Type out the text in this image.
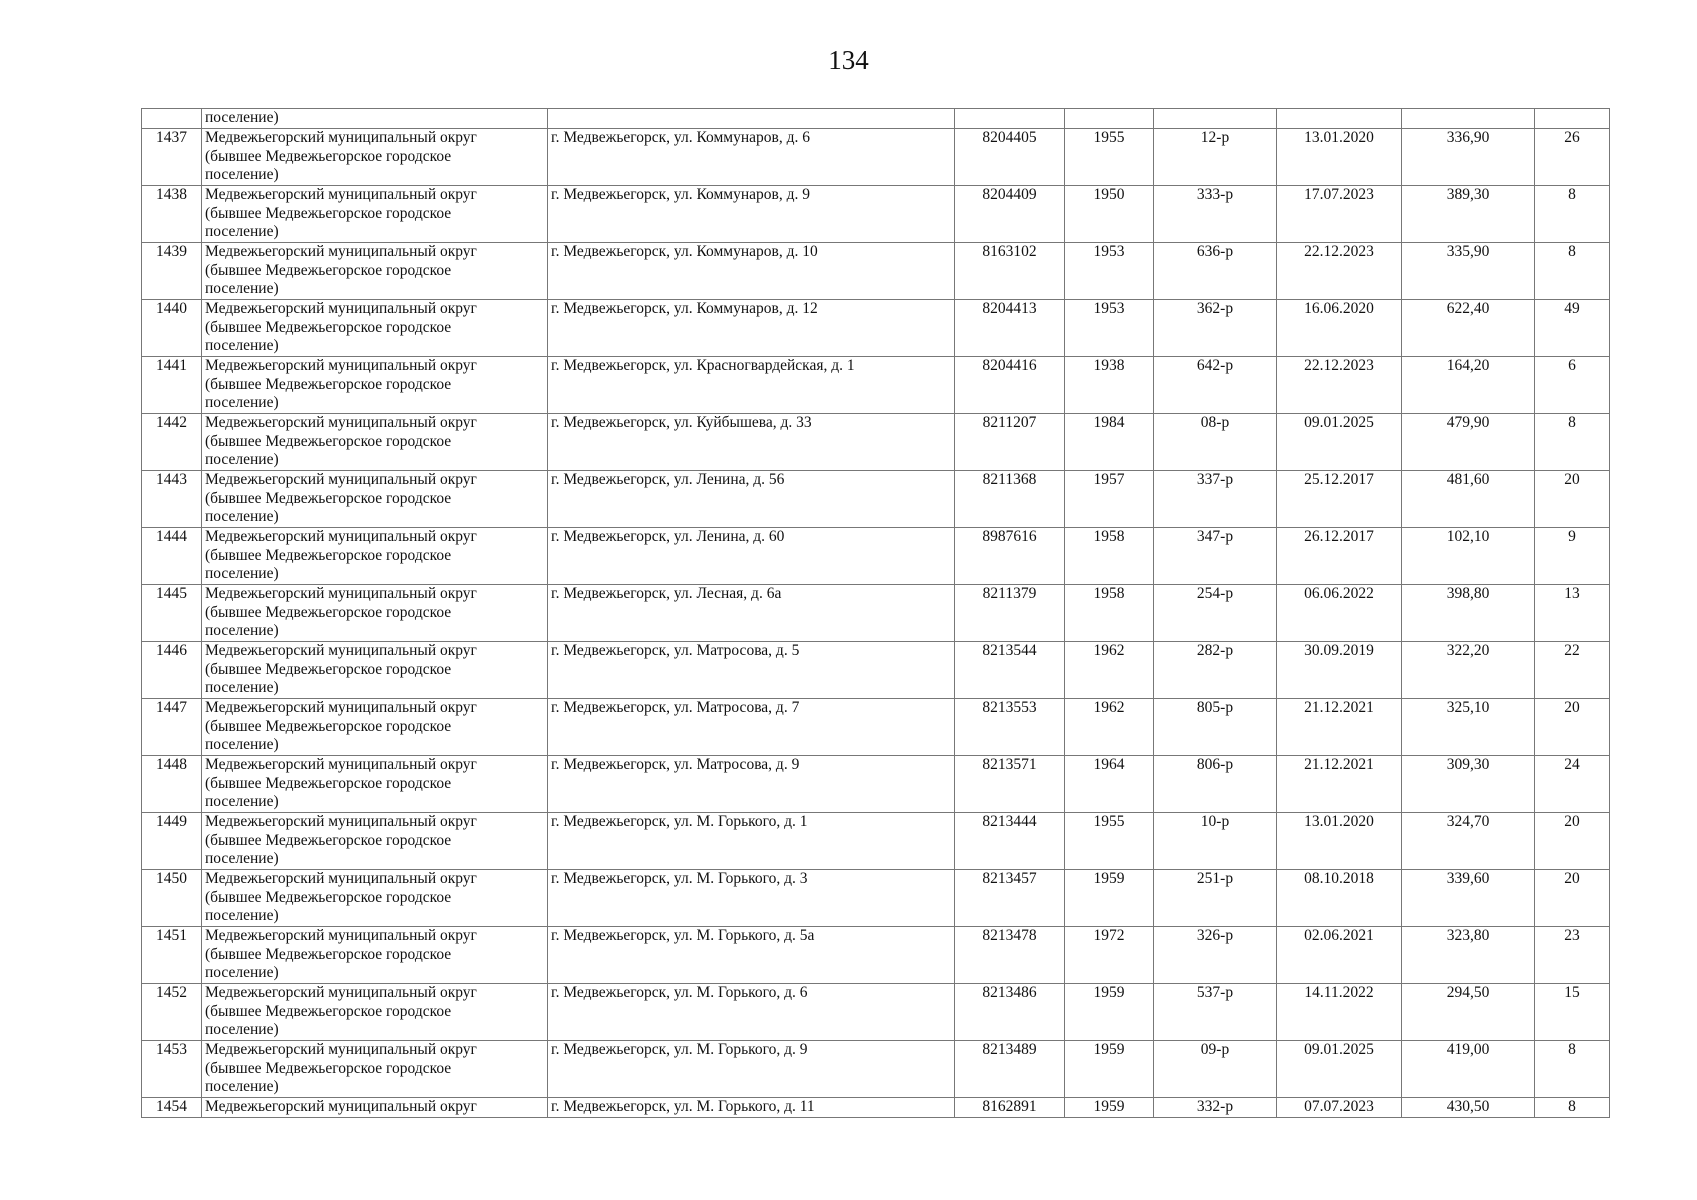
134

	поселение)							

1437	Медвежьегорский муниципальный округ
(бывшее Медвежьегорское городское
поселение)	г. Медвежьегорск, ул. Коммунаров, д. 6	8204405	1955	12-р	13.01.2020	336,90	26
1438	Медвежьегорский муниципальный округ
(бывшее Медвежьегорское городское
поселение)	г. Медвежьегорск, ул. Коммунаров, д. 9	8204409	1950	333-р	17.07.2023	389,30	8
1439	Медвежьегорский муниципальный округ
(бывшее Медвежьегорское городское
поселение)	г. Медвежьегорск, ул. Коммунаров, д. 10	8163102	1953	636-р	22.12.2023	335,90	8
1440	Медвежьегорский муниципальный округ
(бывшее Медвежьегорское городское
поселение)	г. Медвежьегорск, ул. Коммунаров, д. 12	8204413	1953	362-р	16.06.2020	622,40	49
1441	Медвежьегорский муниципальный округ
(бывшее Медвежьегорское городское
поселение)	г. Медвежьегорск, ул. Красногвардейская, д. 1	8204416	1938	642-р	22.12.2023	164,20	6
1442	Медвежьегорский муниципальный округ
(бывшее Медвежьегорское городское
поселение)	г. Медвежьегорск, ул. Куйбышева, д. 33	8211207	1984	08-р	09.01.2025	479,90	8
1443	Медвежьегорский муниципальный округ
(бывшее Медвежьегорское городское
поселение)	г. Медвежьегорск, ул. Ленина, д. 56	8211368	1957	337-р	25.12.2017	481,60	20
1444	Медвежьегорский муниципальный округ
(бывшее Медвежьегорское городское
поселение)	г. Медвежьегорск, ул. Ленина, д. 60	8987616	1958	347-р	26.12.2017	102,10	9
1445	Медвежьегорский муниципальный округ
(бывшее Медвежьегорское городское
поселение)	г. Медвежьегорск, ул. Лесная, д. 6а	8211379	1958	254-р	06.06.2022	398,80	13
1446	Медвежьегорский муниципальный округ
(бывшее Медвежьегорское городское
поселение)	г. Медвежьегорск, ул. Матросова, д. 5	8213544	1962	282-р	30.09.2019	322,20	22
1447	Медвежьегорский муниципальный округ
(бывшее Медвежьегорское городское
поселение)	г. Медвежьегорск, ул. Матросова, д. 7	8213553	1962	805-р	21.12.2021	325,10	20
1448	Медвежьегорский муниципальный округ
(бывшее Медвежьегорское городское
поселение)	г. Медвежьегорск, ул. Матросова, д. 9	8213571	1964	806-р	21.12.2021	309,30	24
1449	Медвежьегорский муниципальный округ
(бывшее Медвежьегорское городское
поселение)	г. Медвежьегорск, ул. М. Горького, д. 1	8213444	1955	10-р	13.01.2020	324,70	20
1450	Медвежьегорский муниципальный округ
(бывшее Медвежьегорское городское
поселение)	г. Медвежьегорск, ул. М. Горького, д. 3	8213457	1959	251-р	08.10.2018	339,60	20
1451	Медвежьегорский муниципальный округ
(бывшее Медвежьегорское городское
поселение)	г. Медвежьегорск, ул. М. Горького, д. 5а	8213478	1972	326-р	02.06.2021	323,80	23
1452	Медвежьегорский муниципальный округ
(бывшее Медвежьегорское городское
поселение)	г. Медвежьегорск, ул. М. Горького, д. 6	8213486	1959	537-р	14.11.2022	294,50	15
1453	Медвежьегорский муниципальный округ
(бывшее Медвежьегорское городское
поселение)	г. Медвежьегорск, ул. М. Горького, д. 9	8213489	1959	09-р	09.01.2025	419,00	8
1454	Медвежьегорский муниципальный округ	г. Медвежьегорск, ул. М. Горького, д. 11	8162891	1959	332-р	07.07.2023	430,50	8
